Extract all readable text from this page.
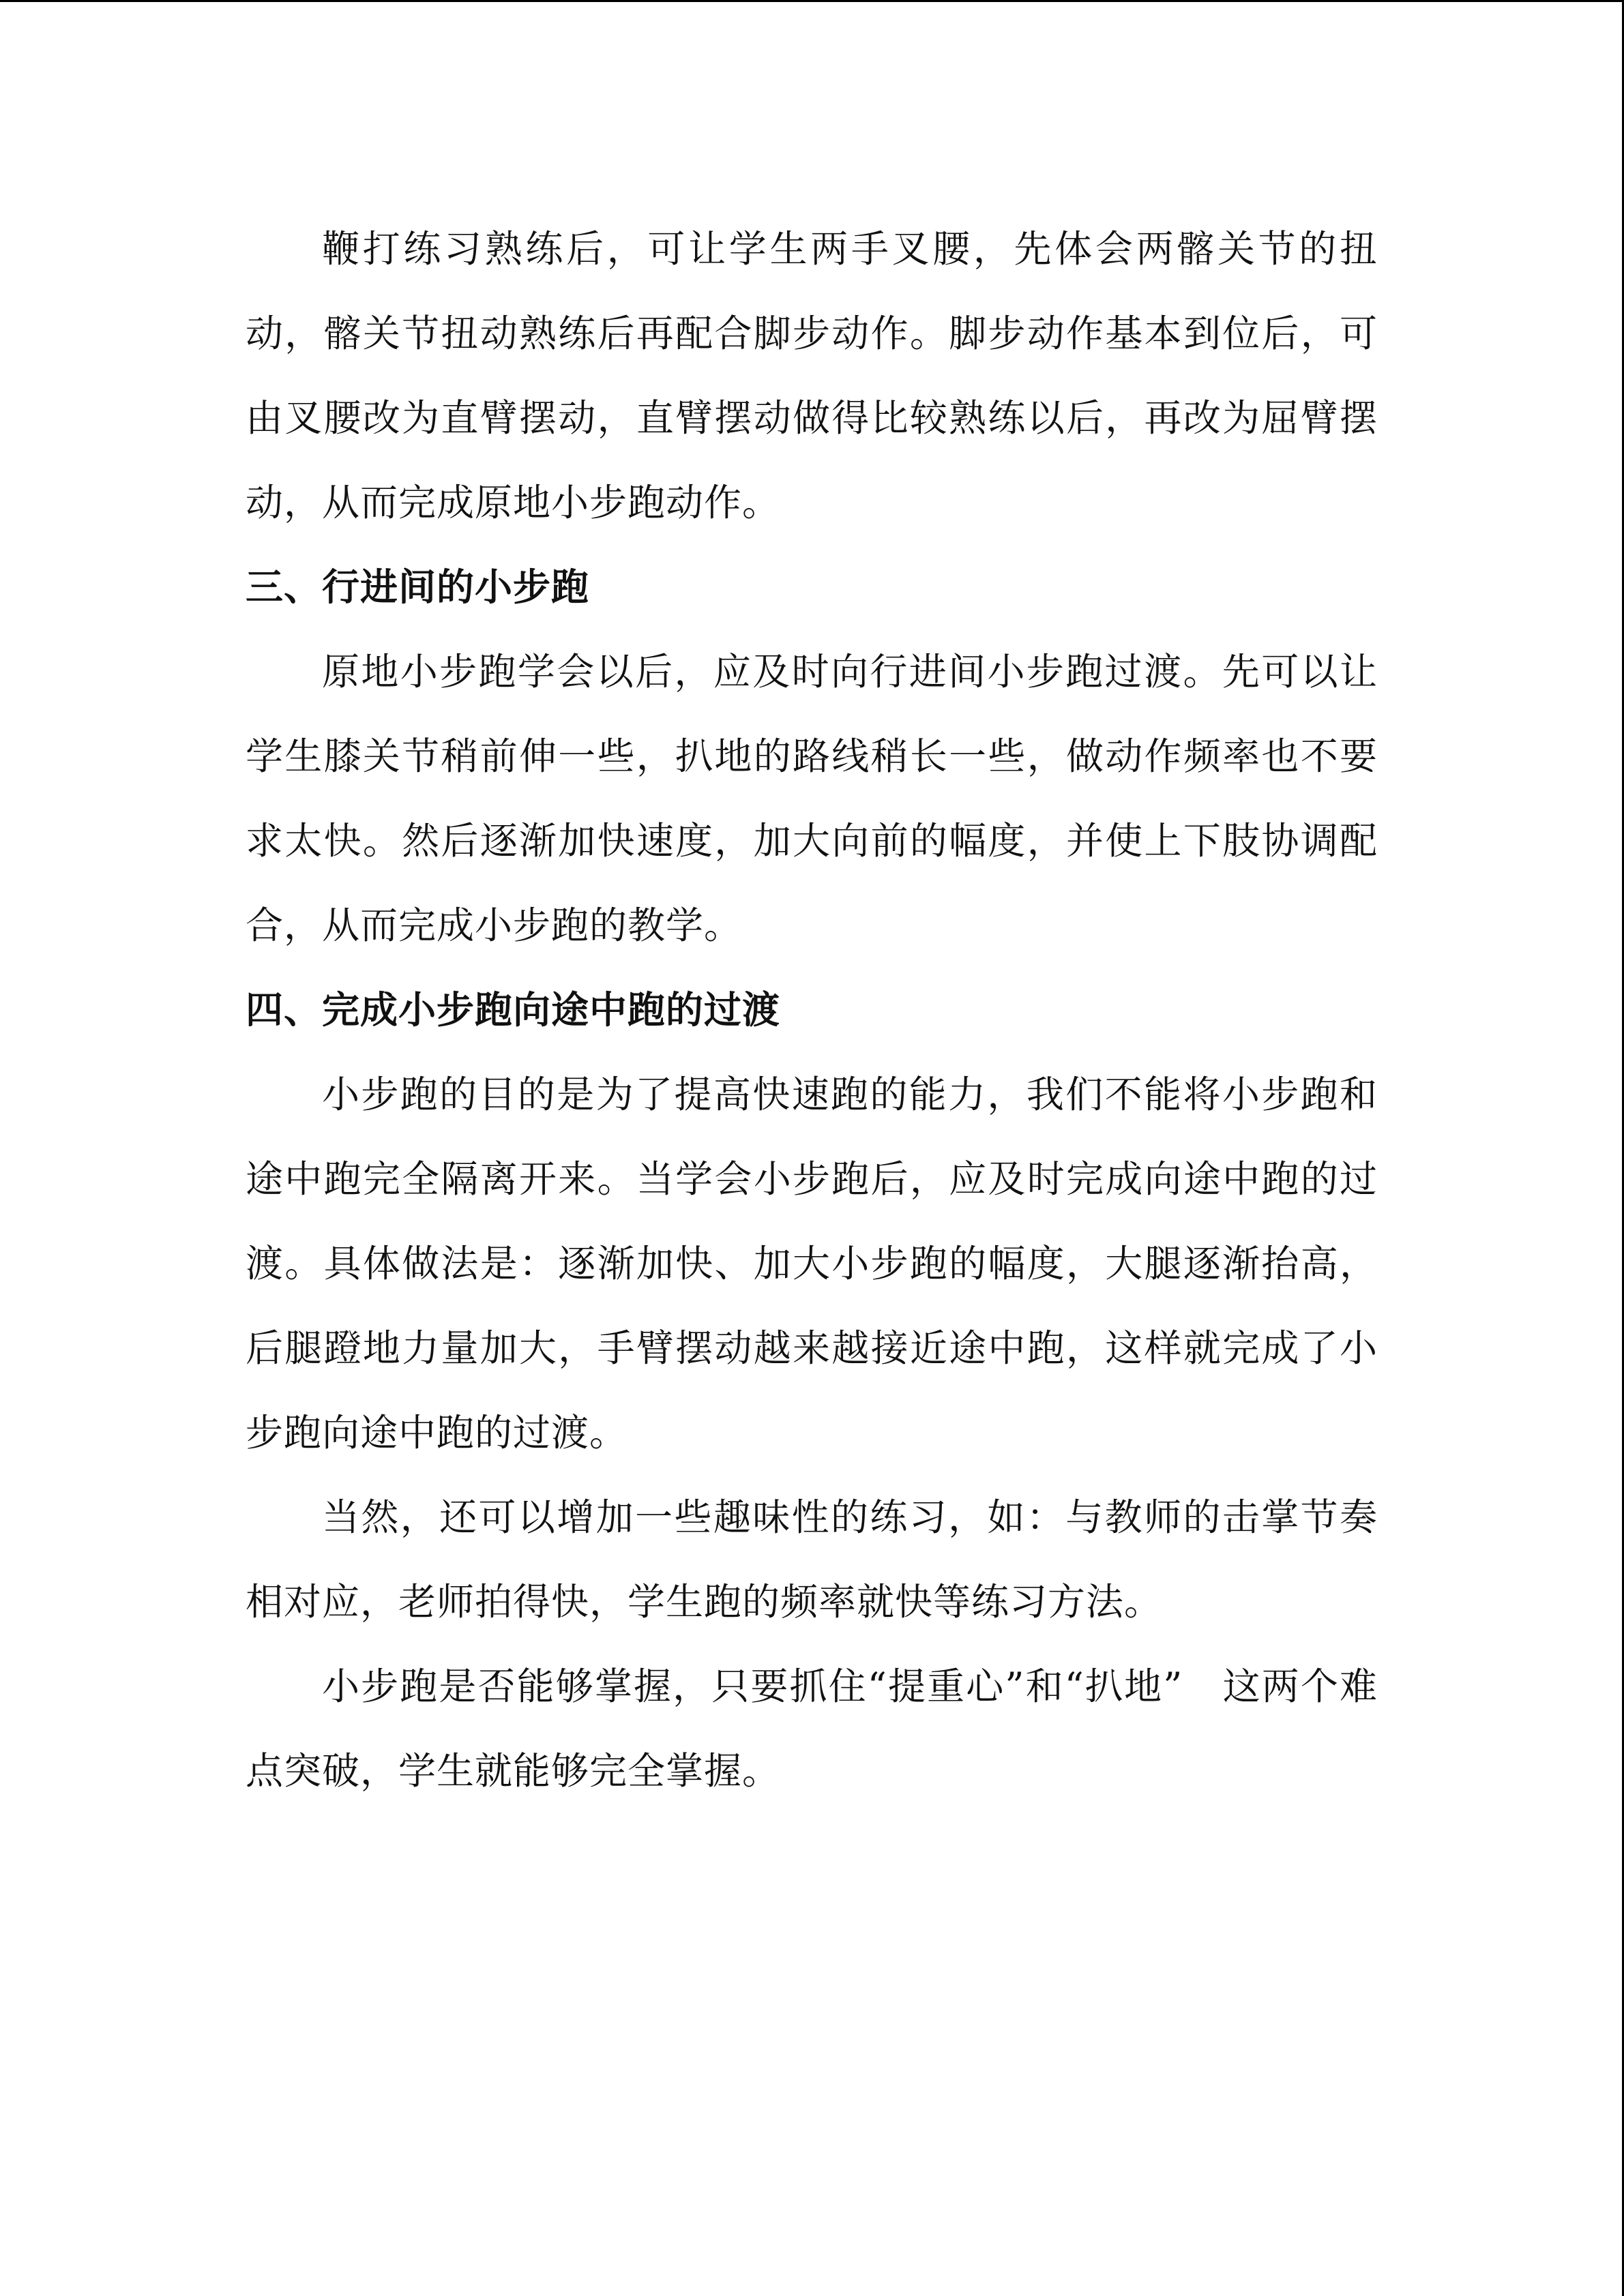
鞭打练习熟练后，可让学生两手叉腰，先体会两髂关节的扭动，髂关节扭动熟练后再配合脚步动作。脚步动作基本到位后，可由叉腰改为直臂摆动，直臂摆动做得比较熟练以后，再改为屈臂摆动，从而完成原地小步跑动作。

三、行进间的小步跑

原地小步跑学会以后，应及时向行进间小步跑过渡。先可以让学生膝关节稍前伸一些，扒地的路线稍长一些，做动作频率也不要求太快。然后逐渐加快速度，加大向前的幅度，并使上下肢协调配合，从而完成小步跑的教学。

四、完成小步跑向途中跑的过渡

小步跑的目的是为了提高快速跑的能力，我们不能将小步跑和途中跑完全隔离开来。当学会小步跑后，应及时完成向途中跑的过渡。具体做法是：逐渐加快、加大小步跑的幅度，大腿逐渐抬高，后腿蹬地力量加大，手臂摆动越来越接近途中跑，这样就完成了小步跑向途中跑的过渡。

当然，还可以增加一些趣味性的练习，如：与教师的击掌节奏相对应，老师拍得快，学生跑的频率就快等练习方法。

小步跑是否能够掌握，只要抓住“提重心”和“扒地”　这两个难点突破，学生就能够完全掌握。
